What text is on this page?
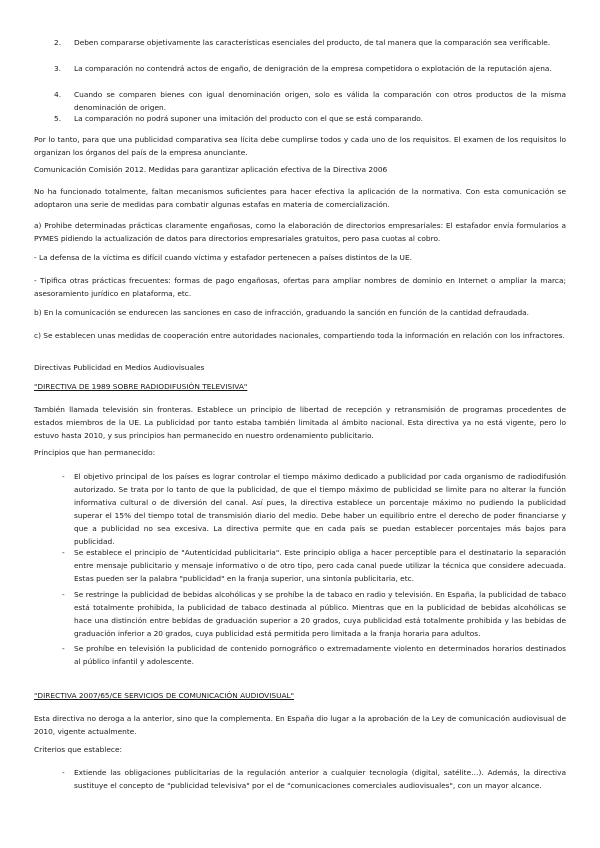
2. Deben compararse objetivamente las características esenciales del producto, de tal manera que la comparación sea verificable.

3. La comparación no contendrá actos de engaño, de denigración de la empresa competidora o explotación de la reputación ajena.

4. Cuando se comparen bienes con igual denominación origen, solo es válida la comparación con otros productos de la misma denominación de origen.

5. La comparación no podrá suponer una imitación del producto con el que se está comparando.

Por lo tanto, para que una publicidad comparativa sea lícita debe cumplirse todos y cada uno de los requisitos. El examen de los requisitos lo organizan los órganos del país de la empresa anunciante.

Comunicación Comisión 2012. Medidas para garantizar aplicación efectiva de la Directiva 2006

No ha funcionado totalmente, faltan mecanismos suficientes para hacer efectiva la aplicación de la normativa. Con esta comunicación se adoptaron una serie de medidas para combatir algunas estafas en materia de comercialización.

a) Prohibe determinadas prácticas claramente engañosas, como la elaboración de directorios empresariales: El estafador envía formularios a PYMES pidiendo la actualización de datos para directorios empresariales gratuitos, pero pasa cuotas al cobro.

- La defensa de la víctima es difícil cuando víctima y estafador pertenecen a países distintos de la UE.

- Tipifica otras prácticas frecuentes: formas de pago engañosas, ofertas para ampliar nombres de dominio en Internet o ampliar la marca; asesoramiento jurídico en plataforma, etc.

b) En la comunicación se endurecen las sanciones en caso de infracción, graduando la sanción en función de la cantidad defraudada.

c) Se establecen unas medidas de cooperación entre autoridades nacionales, compartiendo toda la información en relación con los infractores.

Directivas Publicidad en Medios Audiovisuales

"DIRECTIVA DE 1989 SOBRE RADIODIFUSIÓN TELEVISIVA"

También llamada televisión sin fronteras. Establece un principio de libertad de recepción y retransmisión de programas procedentes de estados miembros de la UE. La publicidad por tanto estaba también limitada al ámbito nacional. Esta directiva ya no está vigente, pero lo estuvo hasta 2010, y sus principios han permanecido en nuestro ordenamiento publicitario.

Principios que han permanecido:

- El objetivo principal de los países es lograr controlar el tiempo máximo dedicado a publicidad por cada organismo de radiodifusión autorizado. Se trata por lo tanto de que la publicidad, de que el tiempo máximo de publicidad se limite para no alterar la función informativa cultural o de diversión del canal. Así pues, la directiva establece un porcentaje máximo no pudiendo la publicidad superar el 15% del tiempo total de transmisión diario del medio. Debe haber un equilibrio entre el derecho de poder financiarse y que a publicidad no sea excesiva. La directiva permite que en cada país se puedan establecer porcentajes más bajos para publicidad.

- Se establece el principio de "Autenticidad publicitaria". Este principio obliga a hacer perceptible para el destinatario la separación entre mensaje publicitario y mensaje informativo o de otro tipo, pero cada canal puede utilizar la técnica que considere adecuada. Estas pueden ser la palabra "publicidad" en la franja superior, una sintonía publicitaria, etc.

- Se restringe la publicidad de bebidas alcohólicas y se prohíbe la de tabaco en radio y televisión. En España, la publicidad de tabaco está totalmente prohibida, la publicidad de tabaco destinada al público. Mientras que en la publicidad de bebidas alcohólicas se hace una distinción entre bebidas de graduación superior a 20 grados, cuya publicidad está totalmente prohibida y las bebidas de graduación inferior a 20 grados, cuya publicidad está permitida pero limitada a la franja horaria para adultos.

- Se prohíbe en televisión la publicidad de contenido pornográfico o extremadamente violento en determinados horarios destinados al público infantil y adolescente.

"DIRECTIVA 2007/65/CE SERVICIOS DE COMUNICACIÓN AUDIOVISUAL"

Esta directiva no deroga a la anterior, sino que la complementa. En España dio lugar a la aprobación de la Ley de comunicación audiovisual de 2010, vigente actualmente.

Criterios que establece:

- Extiende las obligaciones publicitarias de la regulación anterior a cualquier tecnología (digital, satélite…). Además, la directiva sustituye el concepto de "publicidad televisiva" por el de "comunicaciones comerciales audiovisuales", con un mayor alcance.
